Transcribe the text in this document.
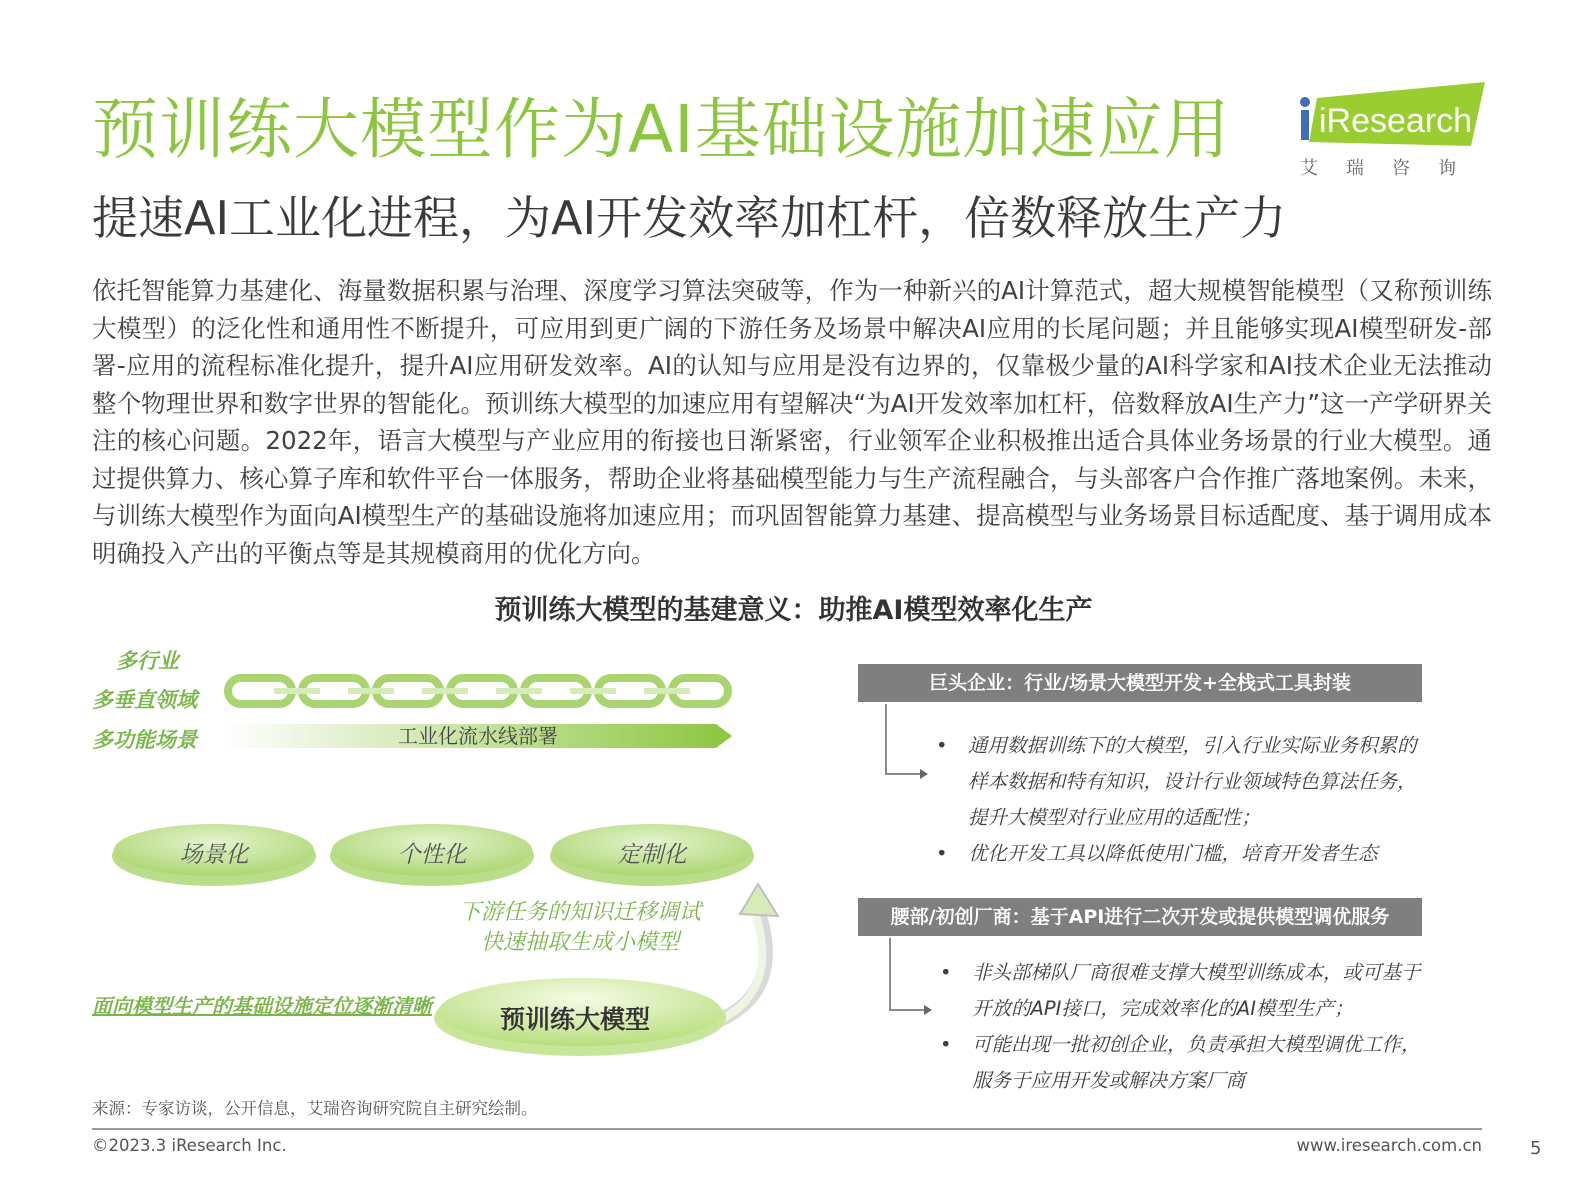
预训练大模型作为AI基础设施加速应用
提速AI工业化进程，为AI开发效率加杠杆，倍数释放生产力
iResearch
艾瑞咨询
依托智能算力基建化、海量数据积累与治理、深度学习算法突破等，作为一种新兴的AI计算范式，超大规模智能模型（又称预训练大模型）的泛化性和通用性不断提升，可应用到更广阔的下游任务及场景中解决AI应用的长尾问题；并且能够实现AI模型研发-部署-应用的流程标准化提升，提升AI应用研发效率。AI的认知与应用是没有边界的，仅靠极少量的AI科学家和AI技术企业无法推动整个物理世界和数字世界的智能化。预训练大模型的加速应用有望解决“为AI开发效率加杠杆，倍数释放AI生产力”这一产学研界关注的核心问题。2022年，语言大模型与产业应用的衔接也日渐紧密，行业领军企业积极推出适合具体业务场景的行业大模型。通过提供算力、核心算子库和软件平台一体服务，帮助企业将基础模型能力与生产流程融合，与头部客户合作推广落地案例。未来，与训练大模型作为面向AI模型生产的基础设施将加速应用；而巩固智能算力基建、提高模型与业务场景目标适配度、基于调用成本明确投入产出的平衡点等是其规模商用的优化方向。
预训练大模型的基建意义：助推AI模型效率化生产
多行业
多垂直领域
多功能场景	工业化流水线部署
场景化	个性化	定制化
下游任务的知识迁移调试
快速抽取生成小模型
预训练大模型
面向模型生产的基础设施定位逐渐清晰
巨头企业：行业/场景大模型开发+全栈式工具封装
• 通用数据训练下的大模型，引入行业实际业务积累的
样本数据和特有知识，设计行业领域特色算法任务，
提升大模型对行业应用的适配性；
• 优化开发工具以降低使用门槛，培育开发者生态
腰部/初创厂商：基于API进行二次开发或提供模型调优服务
• 非头部梯队厂商很难支撑大模型训练成本，或可基于
开放的API接口，完成效率化的AI模型生产；
• 可能出现一批初创企业，负责承担大模型调优工作，
服务于应用开发或解决方案厂商
来源：专家访谈，公开信息，艾瑞咨询研究院自主研究绘制。
©2023.3 iResearch Inc.	www.iresearch.com.cn	5
